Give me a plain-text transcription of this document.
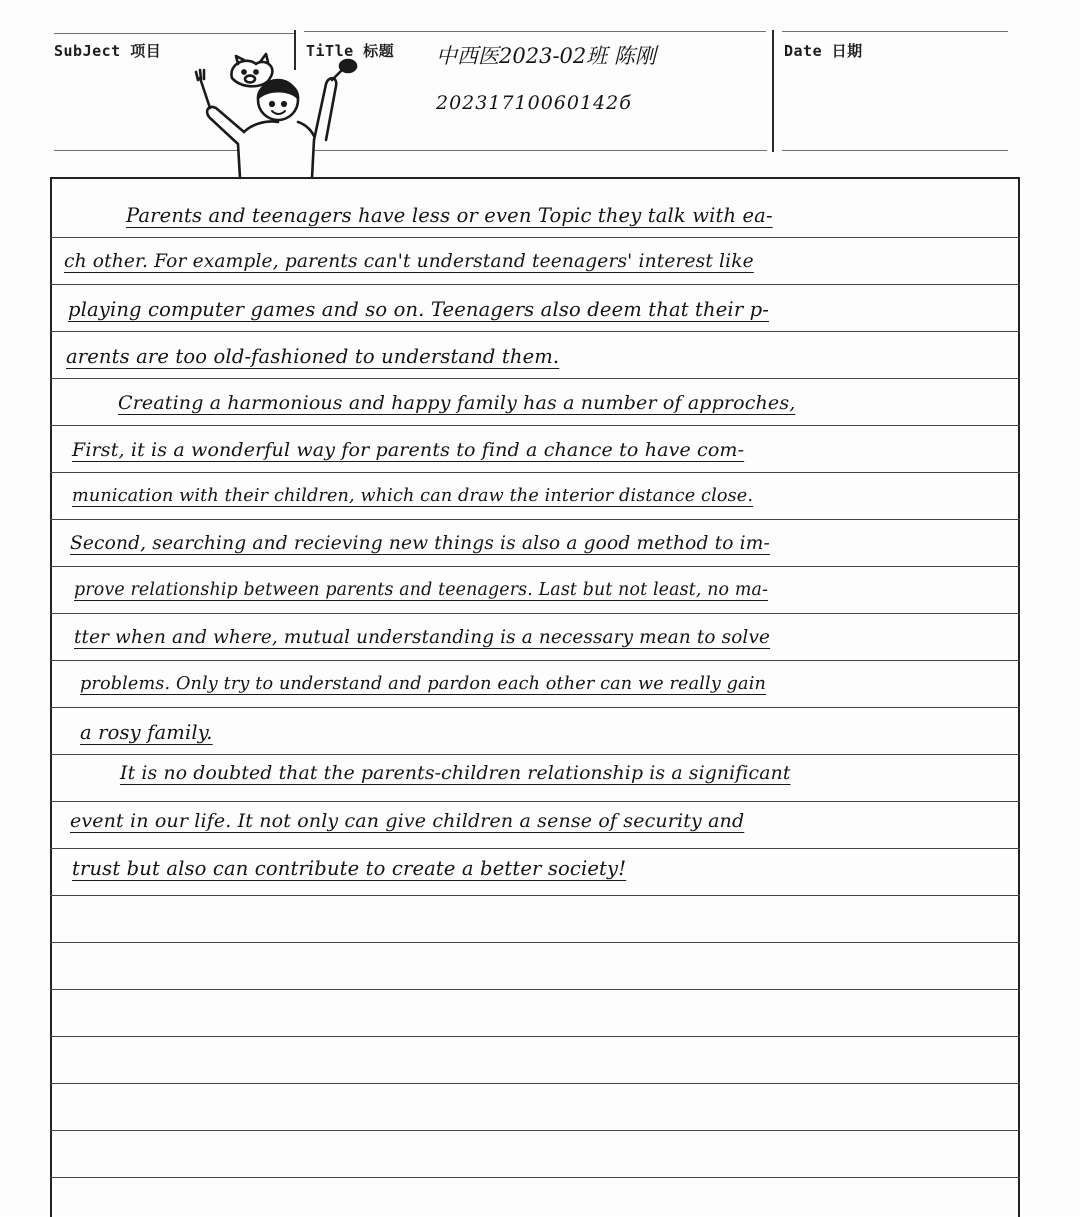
SubJect 项目	TiTle 标题	Date 日期
中西医2023-02班 陈刚
20231710060142б
Parents and teenagers have less or even Topic they talk with ea-
ch other. For example, parents can't understand teenagers' interest like
playing computer games and so on. Teenagers also deem that their p-
arents are too old-fashioned to understand them.
Creating a harmonious and happy family has a number of approches,
First, it is a wonderful way for parents to find a chance to have com-
munication with their children, which can draw the interior distance close.
Second, searching and recieving new things is also a good method to im-
prove relationship between parents and teenagers. Last but not least, no ma-
tter when and where, mutual understanding is a necessary mean to solve
problems. Only try to understand and pardon each other can we really gain
a rosy family.
It is no doubted that the parents-children relationship is a significant
event in our life. It not only can give children a sense of security and
trust but also can contribute to create a better society!
